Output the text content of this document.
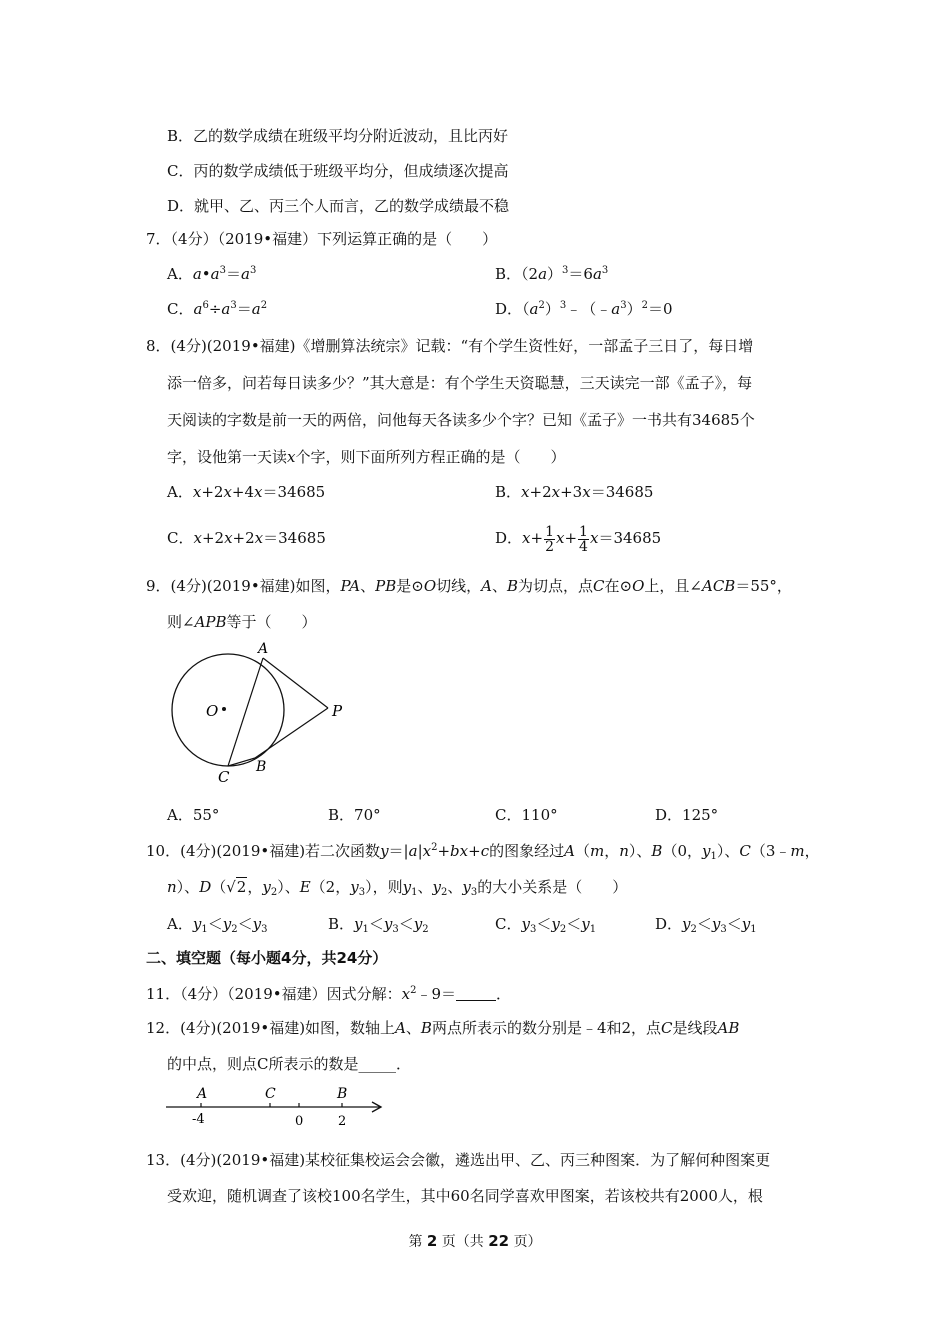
B．乙的数学成绩在班级平均分附近波动，且比丙好
C．丙的数学成绩低于班级平均分，但成绩逐次提高
D．就甲、乙、丙三个人而言，乙的数学成绩最不稳
7．（4分）（2019•福建）下列运算正确的是（　　）
A．$a•a^3=a^3$	B．$(2a)^3=6a^3$
C．$a^6\div a^3=a^2$	D．$(a^2)^3﹣(﹣a^3)^2=0$
8．(4分)(2019•福建)《增删算法统宗》记载：“有个学生资性好，一部孟子三日了，每日增
添一倍多，问若每日读多少？”其大意是：有个学生天资聪慧，三天读完一部《孟子》，每
天阅读的字数是前一天的两倍，问他每天各读多少个字？已知《孟子》一书共有34685个
字，设他第一天读x个字，则下面所列方程正确的是（　　）
A．x+2x+4x＝34685	B．x+2x+3x＝34685
C．x+2x+2x＝34685	D．$x+ \frac{1}{2} x+ \frac{1}{4} x=34685$
9．(4分)(2019•福建)如图，PA、PB是⊙O切线，A、B为切点，点C在⊙O上，且∠ACB＝55°，
则∠APB等于（　　）
A
O	P
C
B
A．55°	B．70°	C．110°	D．125°
10．(4分)(2019•福建)若二次函数$y=|a|x^2+bx+c$的图象经过A（m，n）、B（0，$y_1$）、C（3﹣m，
n）、D（√2，$y_2$）、E（2，$y_3$），则$y_1$、$y_2$、$y_3$的大小关系是（　　）
A．$y_1<y_2<y_3$	B．$y_1<y_3<y_2$	C．$y_3<y_2<y_1$	D．$y_2<y_3<y_1$
二、填空题（每小题4分，共24分）
11．（4分）（2019•福建）因式分解：$x^2﹣9=$	．
12．(4分)(2019•福建)如图，数轴上A、B两点所表示的数分别是﹣4和2，点C是线段AB
的中点，则点C所表示的数是_____．
A	C	B
-4	0	2
13．(4分)(2019•福建)某校征集校运会会徽，遴选出甲、乙、丙三种图案．为了解何种图案更
受欢迎，随机调查了该校100名学生，其中60名同学喜欢甲图案，若该校共有2000人，根
第 2 页（共 22 页）
